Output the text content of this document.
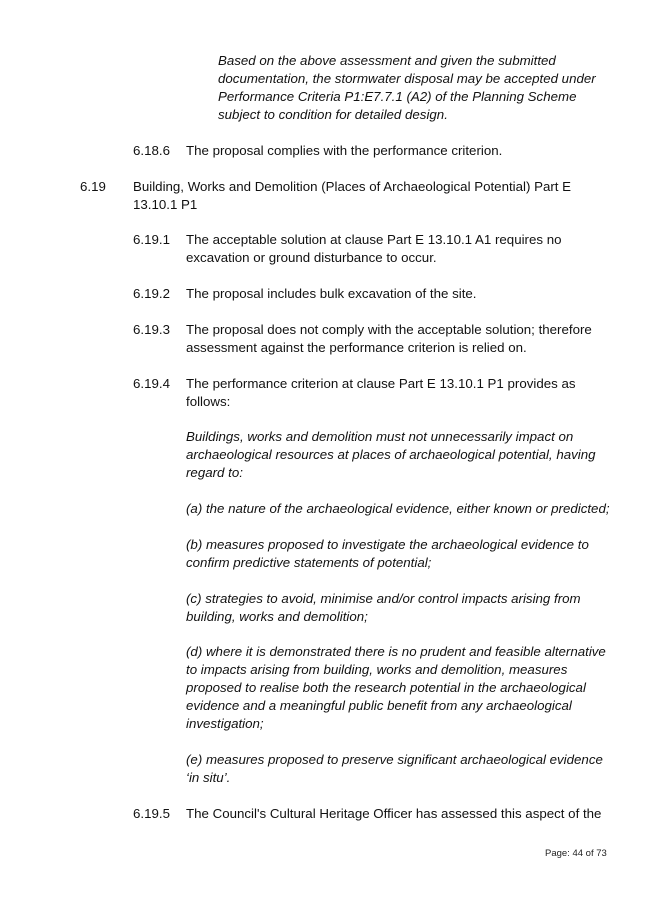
Based on the above assessment and given the submitted documentation, the stormwater disposal may be accepted under Performance Criteria P1:E7.7.1 (A2) of the Planning Scheme subject to condition for detailed design.
6.18.6 The proposal complies with the performance criterion.
6.19 Building, Works and Demolition (Places of Archaeological Potential) Part E 13.10.1 P1
6.19.1 The acceptable solution at clause Part E 13.10.1 A1 requires no excavation or ground disturbance to occur.
6.19.2 The proposal includes bulk excavation of the site.
6.19.3 The proposal does not comply with the acceptable solution; therefore assessment against the performance criterion is relied on.
6.19.4 The performance criterion at clause Part E 13.10.1 P1 provides as follows:
Buildings, works and demolition must not unnecessarily impact on archaeological resources at places of archaeological potential, having regard to:
(a) the nature of the archaeological evidence, either known or predicted;
(b) measures proposed to investigate the archaeological evidence to confirm predictive statements of potential;
(c) strategies to avoid, minimise and/or control impacts arising from building, works and demolition;
(d) where it is demonstrated there is no prudent and feasible alternative to impacts arising from building, works and demolition, measures proposed to realise both the research potential in the archaeological evidence and a meaningful public benefit from any archaeological investigation;
(e) measures proposed to preserve significant archaeological evidence ‘in situ’.
6.19.5 The Council's Cultural Heritage Officer has assessed this aspect of the
Page: 44 of 73
